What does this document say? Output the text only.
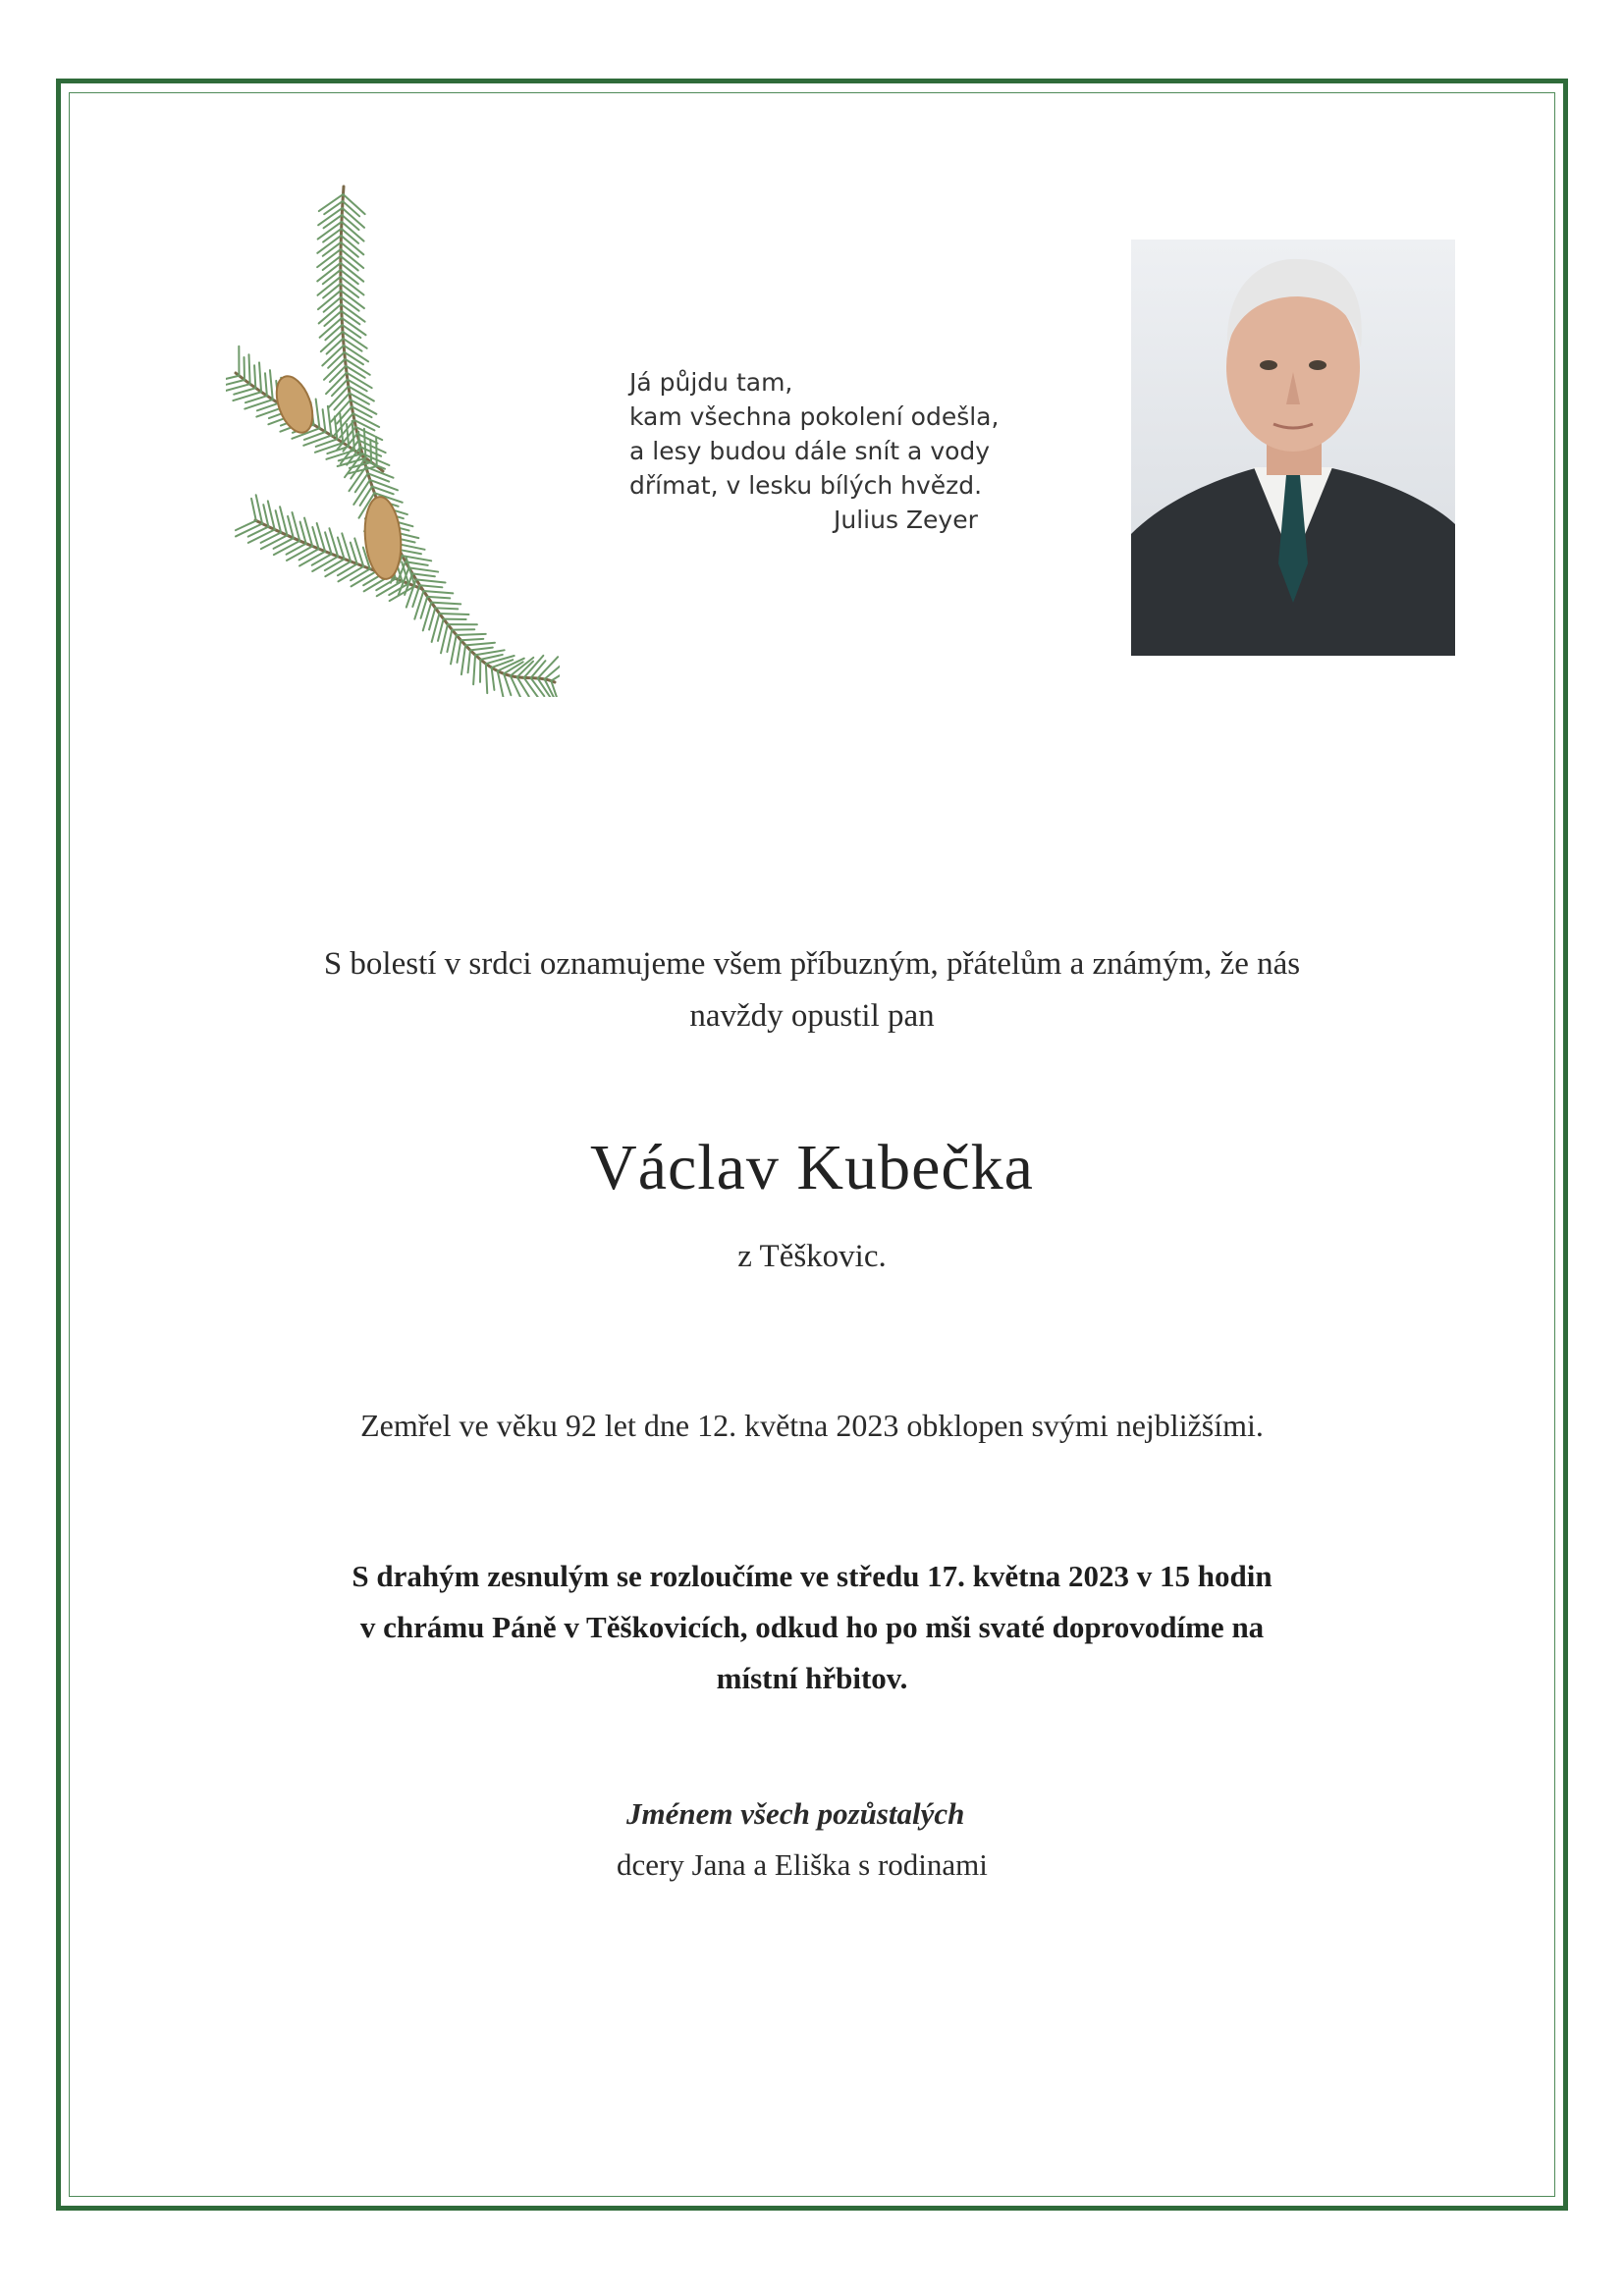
Já půjdu tam,
kam všechna pokolení odešla,
a lesy budou dále snít a vody
dřímat, v lesku bílých hvězd.
Julius Zeyer
S bolestí v srdci oznamujeme všem příbuzným, přátelům a známým, že nás
navždy opustil pan
Václav Kubečka
z Těškovic.
Zemřel ve věku 92 let dne 12. května 2023 obklopen svými nejbližšími.
S drahým zesnulým se rozloučíme ve středu 17. května 2023 v 15 hodin
v chrámu Páně v Těškovicích, odkud ho po mši svaté doprovodíme na
místní hřbitov.
Jménem všech pozůstalých
dcery Jana a Eliška s rodinami
